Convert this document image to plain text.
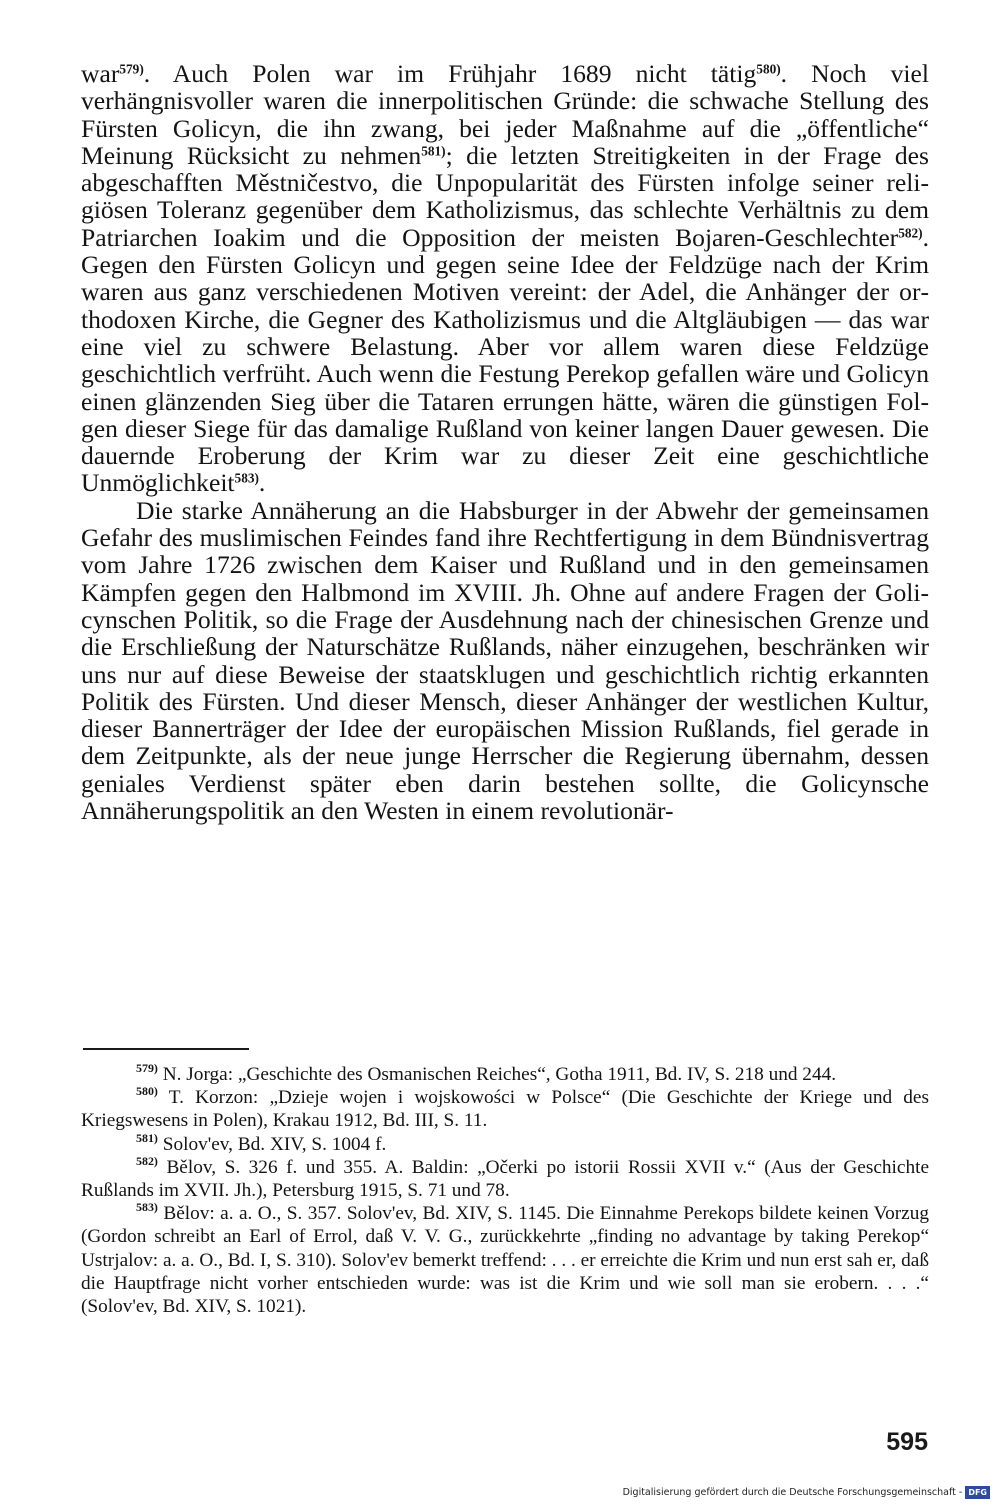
war$^{579)}$. Auch Polen war im Frühjahr 1689 nicht tätig$^{580)}$. Noch viel verhängnisvoller waren die innerpolitischen Gründe: die schwache Stellung des Fürsten Golicyn, die ihn zwang, bei jeder Maßnahme auf die „öffentliche“ Meinung Rücksicht zu nehmen$^{581)}$; die letzten Streitigkeiten in der Frage des abgeschafften Městničestvo, die Unpopularität des Fürsten infolge seiner religiösen Toleranz gegenüber dem Katholizismus, das schlechte Verhältnis zu dem Patriarchen Ioakim und die Opposition der meisten Bojaren-Geschlechter$^{582)}$. Gegen den Fürsten Golicyn und gegen seine Idee der Feldzüge nach der Krim waren aus ganz verschiedenen Motiven vereint: der Adel, die Anhänger der orthodoxen Kirche, die Gegner des Katholizismus und die Altgläubigen — das war eine viel zu schwere Belastung. Aber vor allem waren diese Feldzüge geschichtlich verfrüht. Auch wenn die Festung Perekop gefallen wäre und Golicyn einen glänzenden Sieg über die Tataren errungen hätte, wären die günstigen Folgen dieser Siege für das damalige Rußland von keiner langen Dauer gewesen. Die dauernde Eroberung der Krim war zu dieser Zeit eine geschichtliche Unmöglichkeit$^{583)}$.

Die starke Annäherung an die Habsburger in der Abwehr der gemeinsamen Gefahr des muslimischen Feindes fand ihre Rechtfertigung in dem Bündnisvertrag vom Jahre 1726 zwischen dem Kaiser und Rußland und in den gemeinsamen Kämpfen gegen den Halbmond im XVIII. Jh. Ohne auf andere Fragen der Golicynschen Politik, so die Frage der Ausdehnung nach der chinesischen Grenze und die Erschließung der Naturschätze Rußlands, näher einzugehen, beschränken wir uns nur auf diese Beweise der staatsklugen und geschichtlich richtig erkannten Politik des Fürsten. Und dieser Mensch, dieser Anhänger der westlichen Kultur, dieser Bannerträger der Idee der europäischen Mission Rußlands, fiel gerade in dem Zeitpunkte, als der neue junge Herrscher die Regierung übernahm, dessen geniales Verdienst später eben darin bestehen sollte, die Golicynsche Annäherungspolitik an den Westen in einem revolutionär-

$^{579)}$ N. Jorga: „Geschichte des Osmanischen Reiches“, Gotha 1911, Bd. IV, S. 218 und 244.

$^{580)}$ T. Korzon: „Dzieje wojen i wojskowości w Polsce“ (Die Geschichte der Kriege und des Kriegswesens in Polen), Krakau 1912, Bd. III, S. 11.

$^{581)}$ Solov'ev, Bd. XIV, S. 1004 f.

$^{582)}$ Bělov, S. 326 f. und 355. A. Baldin: „Očerki po istorii Rossii XVII v.“ (Aus der Geschichte Rußlands im XVII. Jh.), Petersburg 1915, S. 71 und 78.

$^{583)}$ Bělov: a. a. O., S. 357. Solov'ev, Bd. XIV, S. 1145. Die Einnahme Perekops bildete keinen Vorzug (Gordon schreibt an Earl of Errol, daß V. V. G., zurückkehrte „finding no advantage by taking Perekop“ Ustrjalov: a. a. O., Bd. I, S. 310). Solov'ev bemerkt treffend: . . . er erreichte die Krim und nun erst sah er, daß die Hauptfrage nicht vorher entschieden wurde: was ist die Krim und wie soll man sie erobern. . . .“ (Solov'ev, Bd. XIV, S. 1021).

595
Digitalisierung gefördert durch die Deutsche Forschungsgemeinschaft - DFG
